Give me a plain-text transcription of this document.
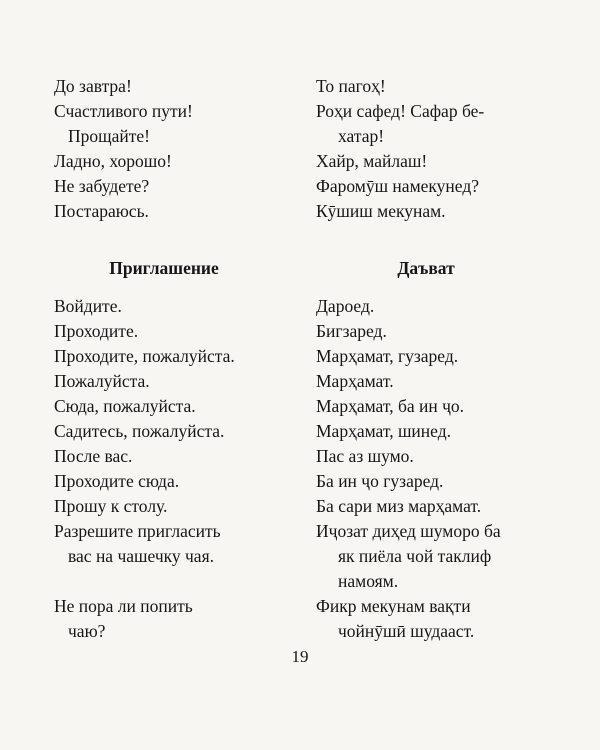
До завтра!
Счастливого пути!
Прощайте!
Ладно, хорошо!
Не забудете?
Постараюсь.
Приглашение
Войдите.
Проходите.
Проходите, пожалуйста.
Пожалуйста.
Сюда, пожалуйста.
Садитесь, пожалуйста.
После вас.
Проходите сюда.
Прошу к столу.
Разрешите пригласить
вас на чашечку чая.
Не пора ли попить
чаю?
То пагоҳ!
Роҳи сафед! Сафар бе-
хатар!
Хайр, майлаш!
Фаромӯш намекунед?
Кӯшиш мекунам.
Даъват
Дароед.
Бигзаред.
Марҳамат, гузаред.
Марҳамат.
Марҳамат, ба ин ҷо.
Марҳамат, шинед.
Пас аз шумо.
Ба ин ҷо гузаред.
Ба сари миз марҳамат.
Иҷозат диҳед шуморо ба
як пиёла чой таклиф
намоям.
Фикр мекунам вақти
чойнӯшӣ шудааст.
19
